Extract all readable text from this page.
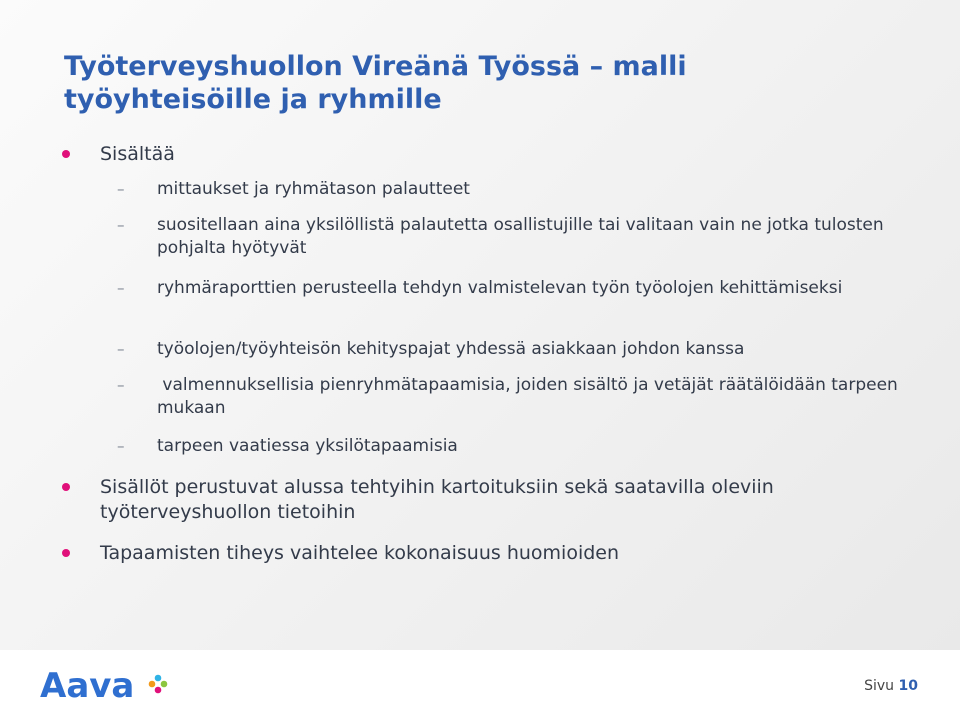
Työterveyshuollon Vireänä Työssä – malli
työyhteisöille ja ryhmille
Sisältää
– mittaukset ja ryhmätason palautteet
– suositellaan aina yksilöllistä palautetta osallistujille tai valitaan vain ne jotka tulosten pohjalta hyötyvät
– ryhmäraporttien perusteella tehdyn valmistelevan työn työolojen kehittämiseksi
– työolojen/työyhteisön kehityspajat yhdessä asiakkaan johdon kanssa
– valmennuksellisia pienryhmätapaamisia, joiden sisältö ja vetäjät räätälöidään tarpeen mukaan
– tarpeen vaatiessa yksilötapaamisia
Sisällöt perustuvat alussa tehtyihin kartoituksiin sekä saatavilla oleviin työterveyshuollon tietoihin
Tapaamisten tiheys vaihtelee kokonaisuus huomioiden
Aava	Sivu 10
